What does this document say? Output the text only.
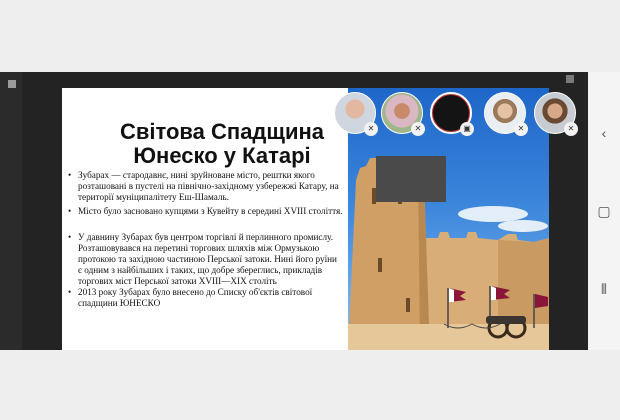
Світова Спадщина
Юнеско у Катарі
• Зубарах — стародавнє, нині зруйноване місто, рештки якого розташовані в пустелі на північно-західному узбережжі Катару, на території муніципалітету Еш-Шамаль.
• Місто було засновано купцями з Кувейту в середині XVIII століття.
• У давнину Зубарах був центром торгівлі й перлинного промислу. Розташовувався на перетині торгових шляхів між Ормузькою протокою та західною частиною Перської затоки. Нині його руїни є одним з найбільших і таких, що добре збереглись, прикладів торгових міст Перської затоки XVIII—XIX століть
• 2013 року Зубарах було внесено до Списку об'єктів світової спадщини ЮНЕСКО
✕	✕	▣	✕	✕	‹
▢
⦀
